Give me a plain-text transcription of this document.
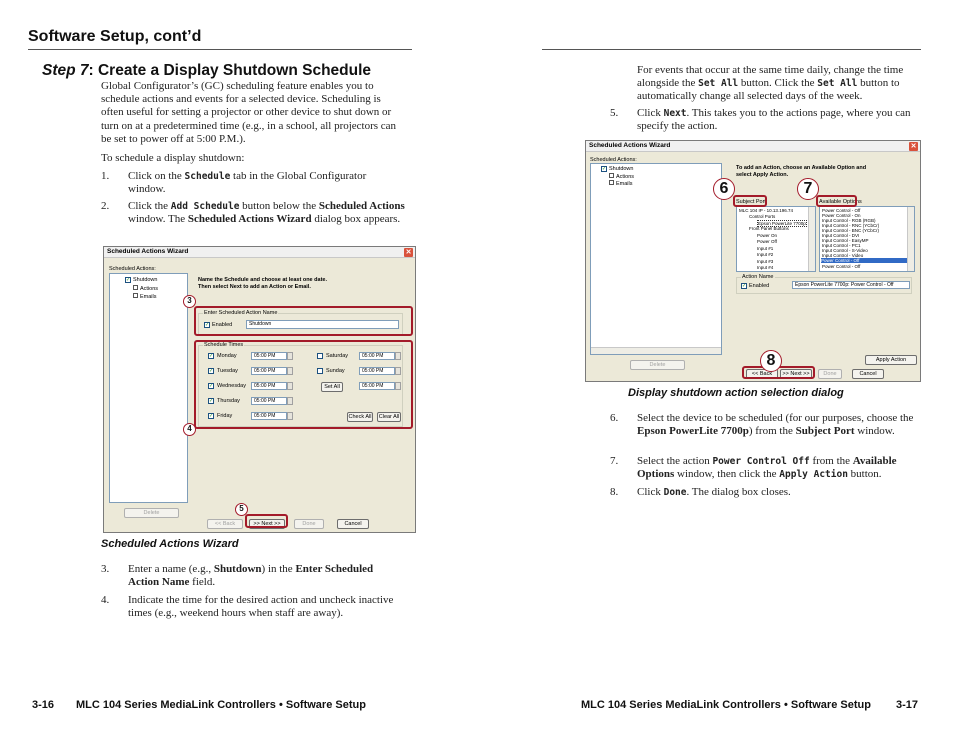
Software Setup, cont’d
Step 7: Create a Display Shutdown Schedule
Global Configurator’s (GC) scheduling feature enables you to schedule actions and events for a selected device. Scheduling is often useful for setting a projector or other device to shut down or turn on at a predetermined time (e.g., in a school, all projectors can be set to power off at 5:00 P.M.).
To schedule a display shutdown:
1. Click on the Schedule tab in the Global Configurator window.
2. Click the Add Schedule button below the Scheduled Actions window. The Scheduled Actions Wizard dialog box appears.
Scheduled Actions Wizard	✕
Scheduled Actions:
✓ Shutdown
Actions
Emails
Name the Schedule and choose at least one date.
Then select Next to add an Action or Email.
Enter Scheduled Action Name
✓ Enabled	Shutdown
Schedule Times
✓ Monday	05:00 PM
✓ Tuesday	05:00 PM
✓ Wednesday	05:00 PM
✓ Thursday	05:00 PM
✓ Friday	05:00 PM
Saturday	05:00 PM
Sunday	05:00 PM
Set All	05:00 PM
Check All	Clear All
Delete
<< Back	>> Next >>	Done	Cancel
3
4
5
Scheduled Actions Wizard
3. Enter a name (e.g., Shutdown) in the Enter Scheduled Action Name field.
4. Indicate the time for the desired action and uncheck inactive times (e.g., weekend hours when staff are away).
For events that occur at the same time daily, change the time alongside the Set All button. Click the Set All button to automatically change all selected days of the week.
5. Click Next. This takes you to the actions page, where you can specify the action.
Scheduled Actions Wizard	✕
Scheduled Actions:
✓ Shutdown
Actions
Emails
To add an Action, choose an Available Option and
select Apply Action.
Subject Port	Available Options
MLC 104 IP - 10.13.196.74
Control Ports
Epson PowerLite 7700p
Front Panel Buttons
Power On
Power Off
Input #1
Input #2
Input #3
Input #4
Power Control - Off
Power Control - On
Input Control - RGB (RGB)
Input Control - RNC (YCbCr)
Input Control - BNC (YCbCr)
Input Control - DVI
Input Control - EasyMP
Input Control - PC1
Input Control - S-Video
Input Control - Video
Power Control - Off
Power Control - Off
Action Name
✓ Enabled	Epson PowerLite 7700p: Power Control - Off
Delete
Apply Action
<< Back	>> Next >>	Done	Cancel
6	7
8
Display shutdown action selection dialog
6. Select the device to be scheduled (for our purposes, choose the Epson PowerLite 7700p) from the Subject Port window.
7. Select the action Power Control Off from the Available Options window, then click the Apply Action button.
8. Click Done. The dialog box closes.
3-16 MLC 104 Series MediaLink Controllers • Software Setup	MLC 104 Series MediaLink Controllers • Software Setup 3-17
